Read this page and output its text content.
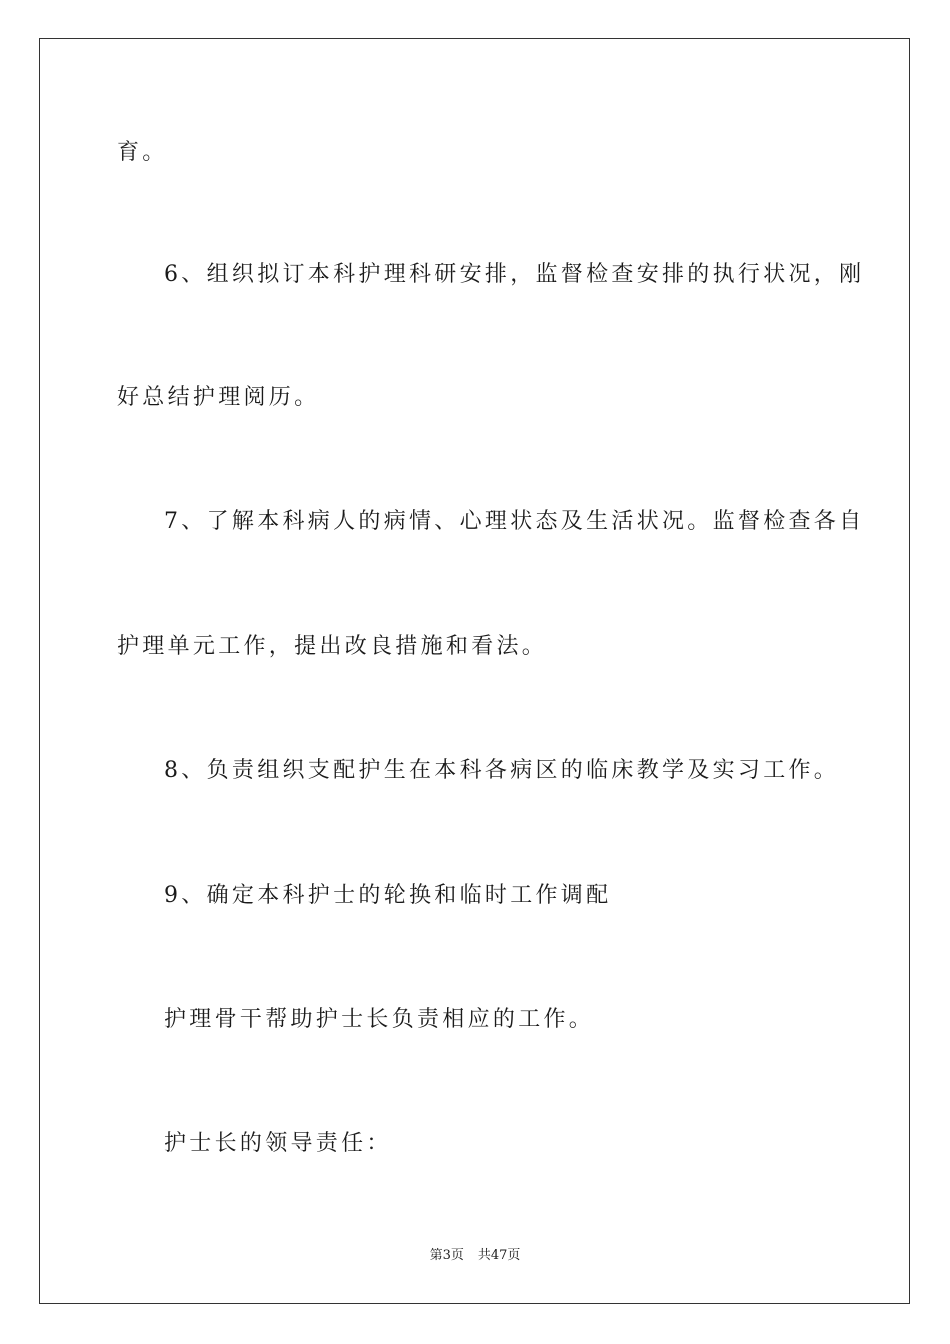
育。
6、组织拟订本科护理科研安排，监督检查安排的执行状况，刚
好总结护理阅历。
7、了解本科病人的病情、心理状态及生活状况。监督检查各自
护理单元工作，提出改良措施和看法。
8、负责组织支配护生在本科各病区的临床教学及实习工作。
9、确定本科护士的轮换和临时工作调配
护理骨干帮助护士长负责相应的工作。
护士长的领导责任：
第3页 共47页
